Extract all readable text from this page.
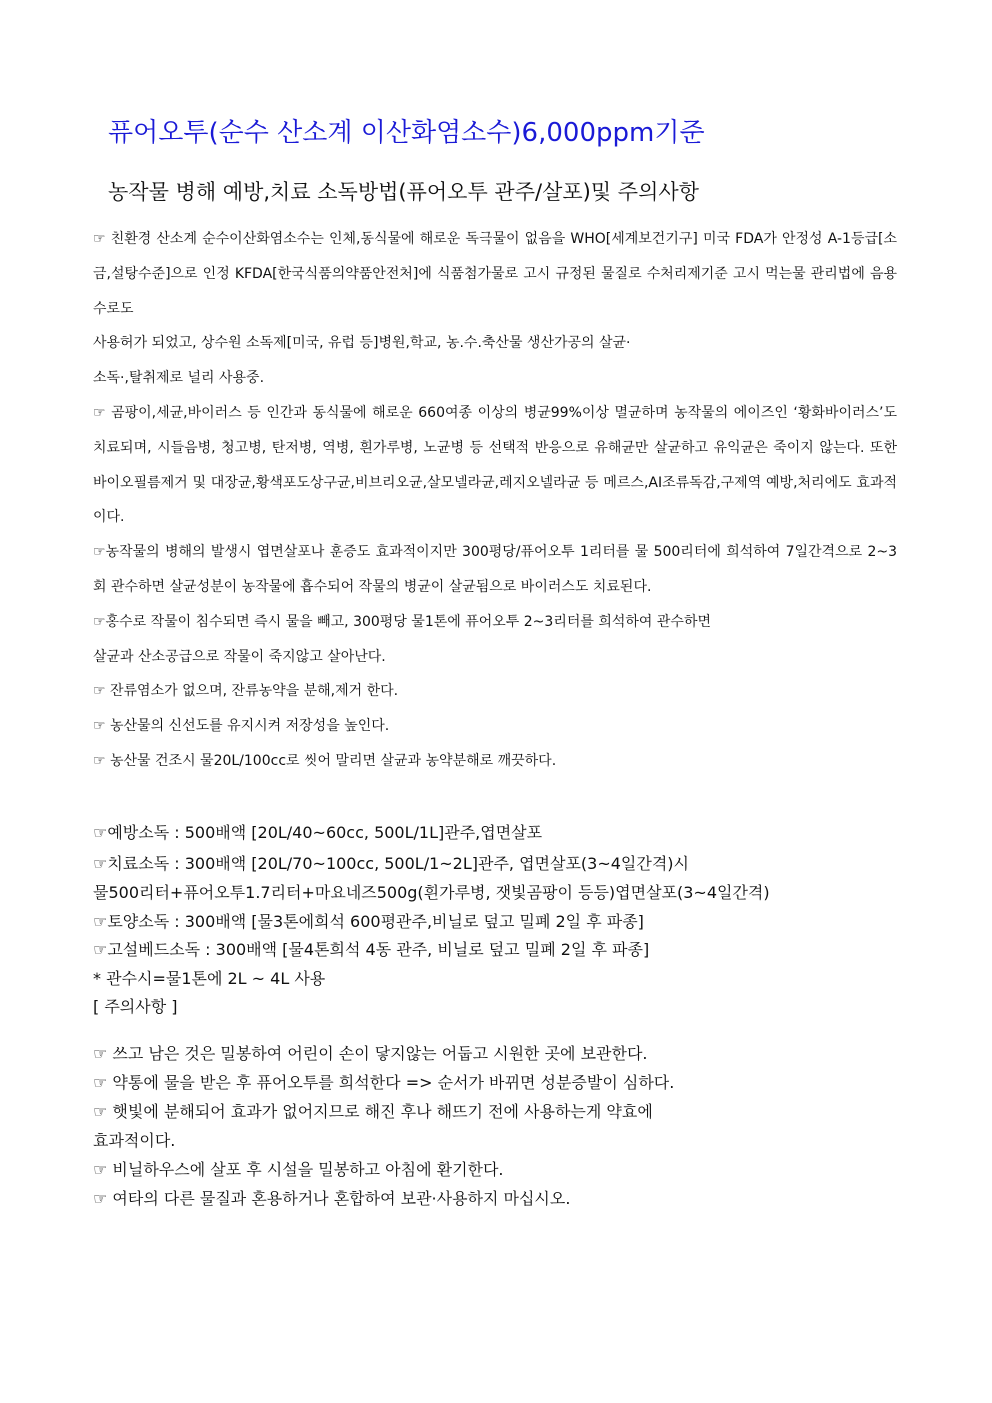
퓨어오투(순수 산소계 이산화염소수)6,000ppm기준
농작물 병해 예방,치료 소독방법(퓨어오투 관주/살포)및 주의사항

☞ 친환경 산소계 순수이산화염소수는 인체,동식물에 해로운 독극물이 없음을 WHO[세계보건기구] 미국 FDA가 안정성 A-1등급[소금,설탕수준]으로 인정 KFDA[한국식품의약품안전처]에 식품첨가물로 고시 규정된 물질로 수처리제기준 고시 먹는물 관리법에 음용수로도

사용허가 되었고, 상수원 소독제[미국, 유럽 등]병원,학교, 농.수.축산물 생산가공의 살균·

소독·,탈취제로 널리 사용중.

☞ 곰팡이,세균,바이러스 등 인간과 동식물에 해로운 660여종 이상의 병균99%이상 멸균하며 농작물의 에이즈인 ‘황화바이러스’도 치료되며, 시들음병, 청고병, 탄저병, 역병, 흰가루병, 노균병 등 선택적 반응으로 유해균만 살균하고 유익균은 죽이지 않는다. 또한 바이오필름제거 및 대장균,황색포도상구균,비브리오균,살모넬라균,레지오넬라균 등 메르스,AI조류독감,구제역 예방,처리에도 효과적이다.

☞농작물의 병해의 발생시 엽면살포나 훈증도 효과적이지만 300평당/퓨어오투 1리터를 물 500리터에 희석하여 7일간격으로 2~3회 관수하면 살균성분이 농작물에 흡수되어 작물의 병균이 살균됨으로 바이러스도 치료된다.

☞홍수로 작물이 침수되면 즉시 물을 빼고, 300평당 물1톤에 퓨어오투 2~3리터를 희석하여 관수하면

살균과 산소공급으로 작물이 죽지않고 살아난다.

☞ 잔류염소가 없으며, 잔류농약을 분해,제거 한다.

☞ 농산물의 신선도를 유지시켜 저장성을 높인다.

☞ 농산물 건조시 물20L/100cc로 씻어 말리면 살균과 농약분해로 깨끗하다.

☞예방소독 : 500배액 [20L/40~60cc, 500L/1L]관주,엽면살포

☞치료소독 : 300배액 [20L/70~100cc, 500L/1~2L]관주, 엽면살포(3~4일간격)시

물500리터+퓨어오투1.7리터+마요네즈500g(흰가루병, 잿빛곰팡이 등등)엽면살포(3~4일간격)

☞토양소독 : 300배액 [물3톤에희석 600평관주,비닐로 덮고 밀폐 2일 후 파종]

☞고설베드소독 : 300배액 [물4톤희석 4동 관주, 비닐로 덮고 밀폐 2일 후 파종]

* 관수시=물1톤에 2L ~ 4L 사용

[ 주의사항 ]

☞ 쓰고 남은 것은 밀봉하여 어린이 손이 닿지않는 어둡고 시원한 곳에 보관한다.

☞ 약통에 물을 받은 후 퓨어오투를 희석한다 => 순서가 바뀌면 성분증발이 심하다.

☞ 햇빛에 분해되어 효과가 없어지므로 해진 후나 해뜨기 전에 사용하는게 약효에

효과적이다.

☞ 비닐하우스에 살포 후 시설을 밀봉하고 아침에 환기한다.

☞ 여타의 다른 물질과 혼용하거나 혼합하여 보관·사용하지 마십시오.
